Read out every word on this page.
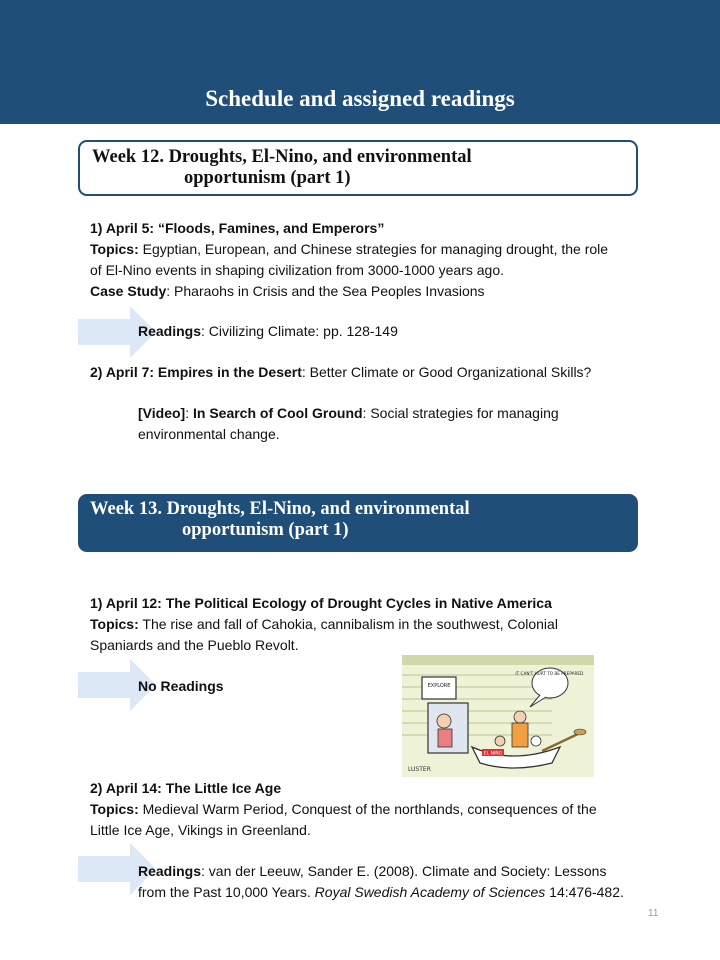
Schedule and assigned readings
Week 12. Droughts, El-Nino, and environmental
opportunism (part 1)
1) April 5: “Floods, Famines, and Emperors”
Topics: Egyptian, European, and Chinese strategies for managing drought, the role
of El-Nino events in shaping civilization from 3000-1000 years ago.
Case Study: Pharaohs in Crisis and the Sea Peoples Invasions
Readings: Civilizing Climate: pp. 128-149
2) April 7: Empires in the Desert: Better Climate or Good Organizational Skills?
[Video]: In Search of Cool Ground: Social strategies for managing
environmental change.
Week 13. Droughts, El-Nino, and environmental
opportunism (part 1)
1) April 12: The Political Ecology of Drought Cycles in Native America
Topics: The rise and fall of Cahokia, cannibalism in the southwest, Colonial
Spaniards and the Pueblo Revolt.
No Readings	EXPLORE
EL NIÑO
IT CAN'T HURT TO BE PREPARED.
LUSTER
2) April 14: The Little Ice Age
Topics: Medieval Warm Period, Conquest of the northlands, consequences of the
Little Ice Age, Vikings in Greenland.
Readings: van der Leeuw, Sander E. (2008). Climate and Society: Lessons
from the Past 10,000 Years. Royal Swedish Academy of Sciences 14:476-482.
11
